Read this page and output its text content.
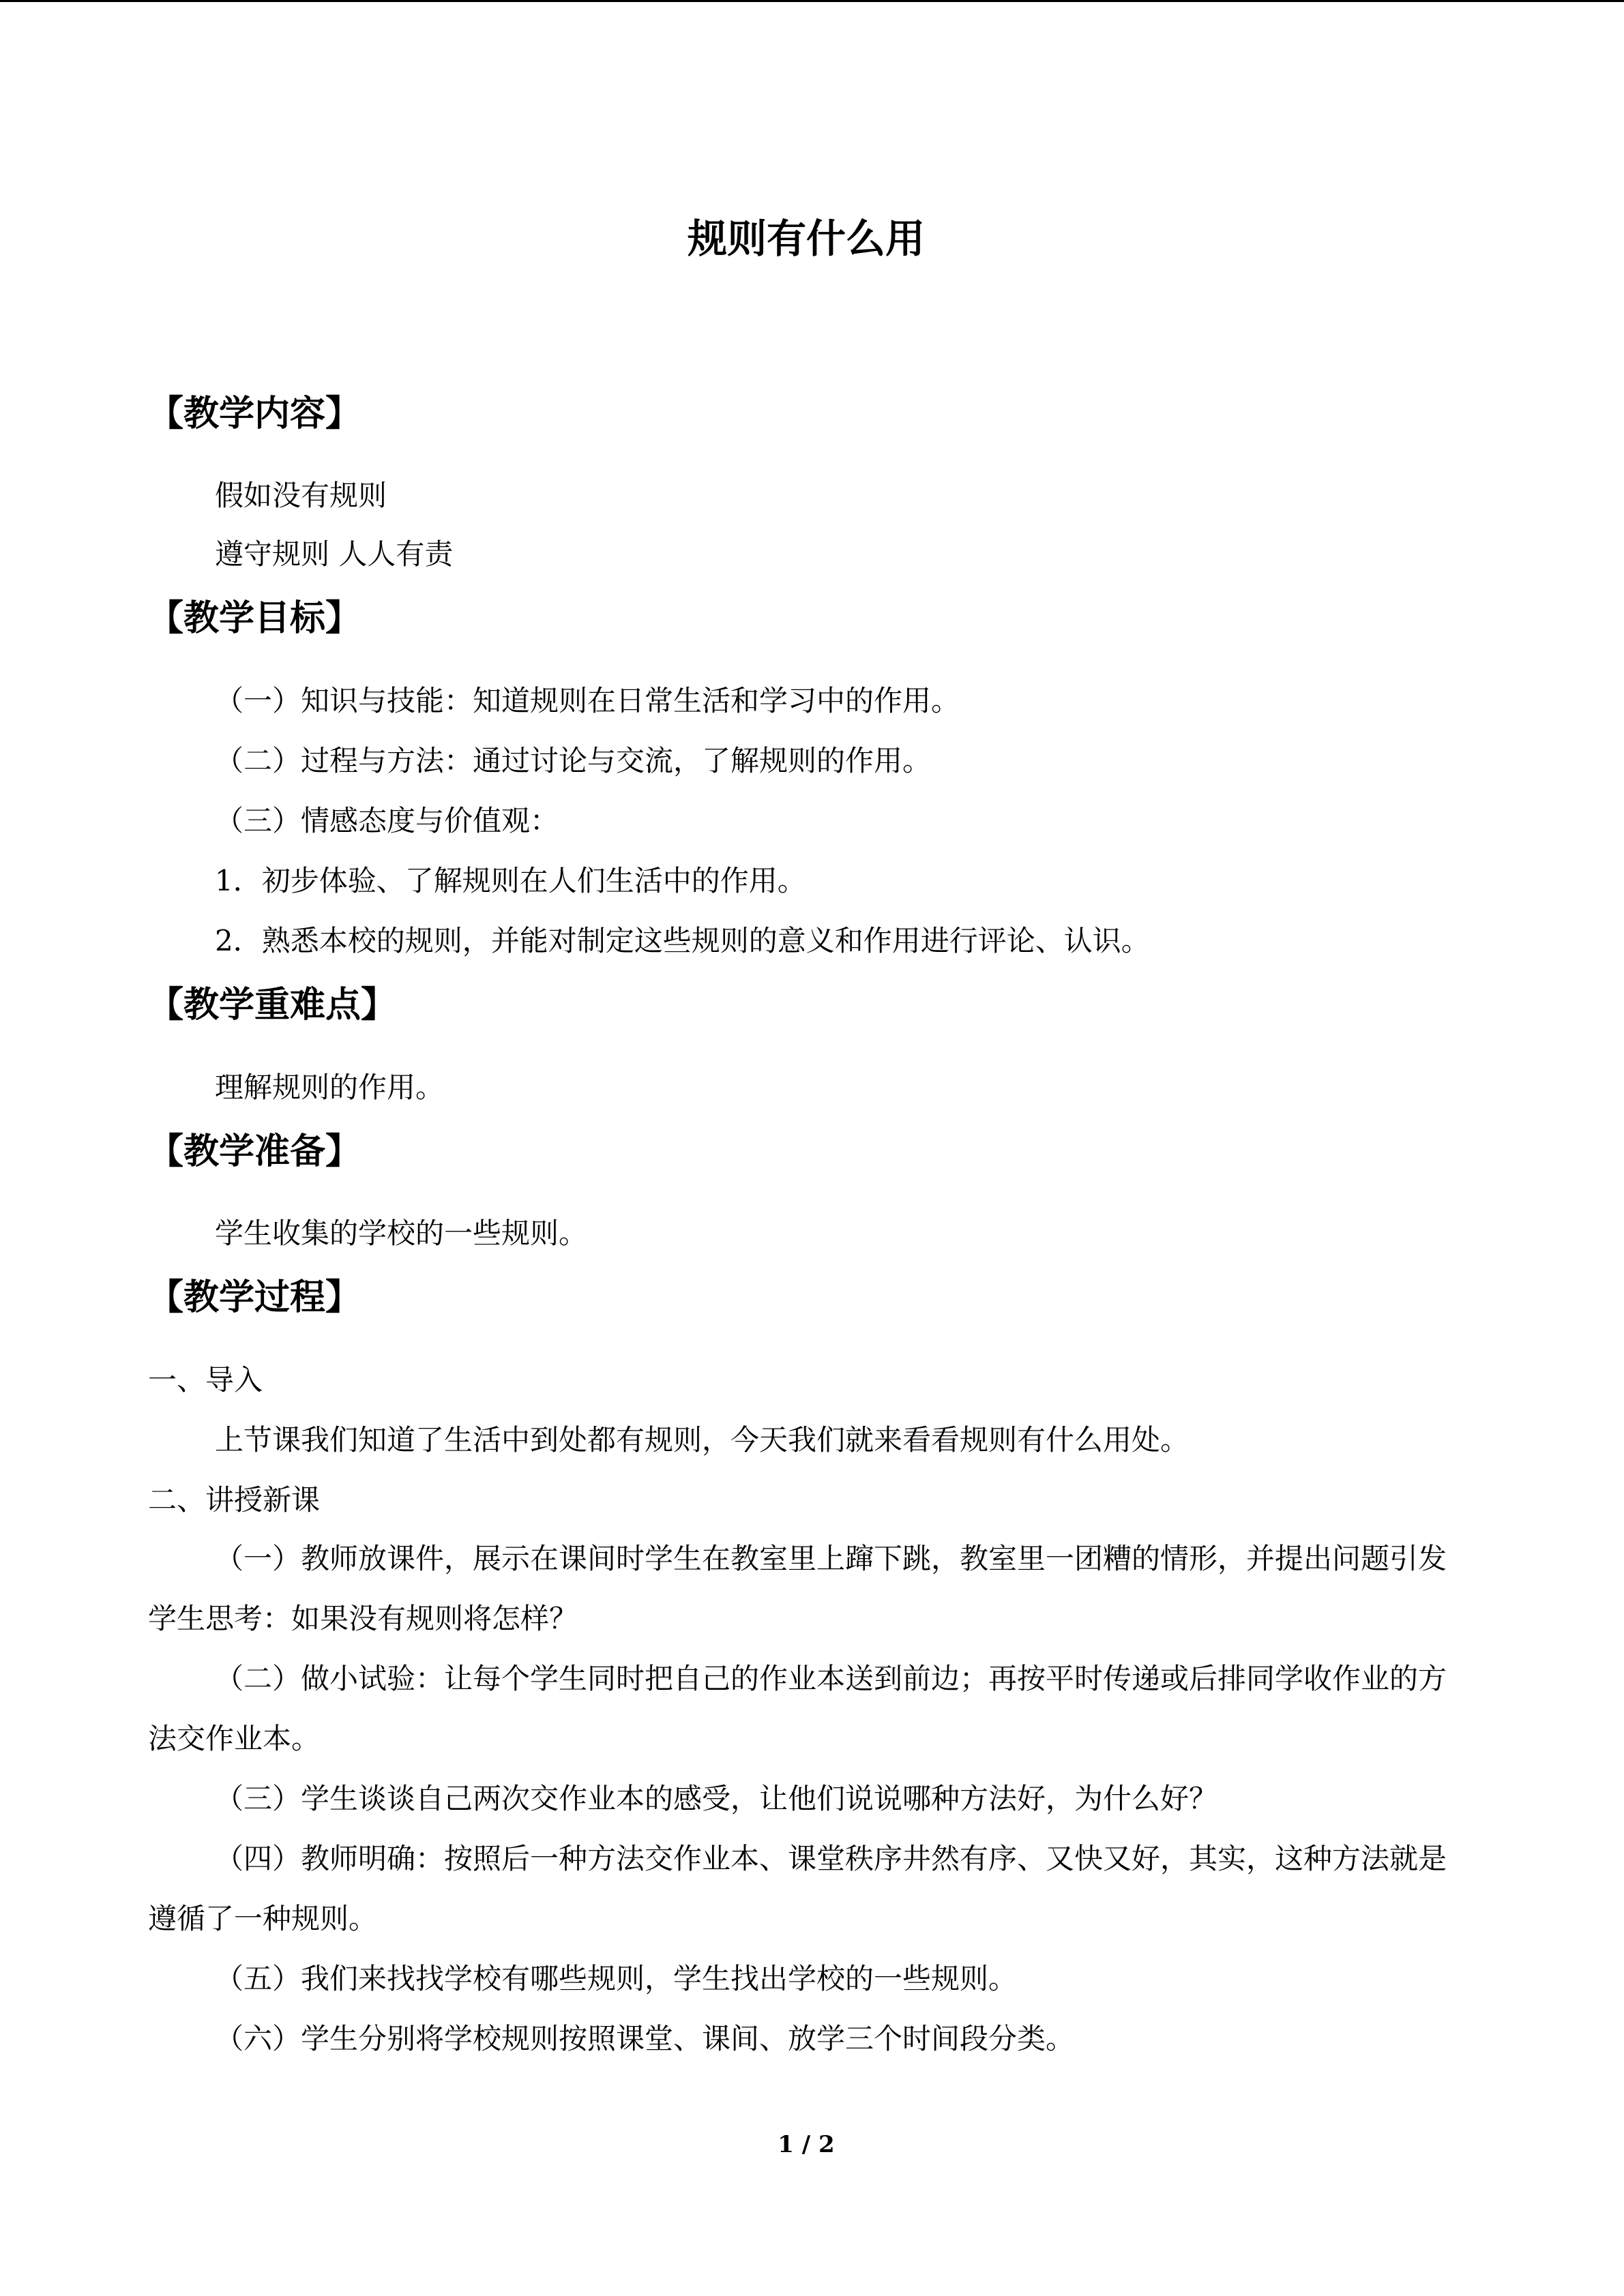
规则有什么用
【教学内容】
假如没有规则
遵守规则 人人有责
【教学目标】
（一）知识与技能：知道规则在日常生活和学习中的作用。
（二）过程与方法：通过讨论与交流，了解规则的作用。
（三）情感态度与价值观：
1．初步体验、了解规则在人们生活中的作用。
2．熟悉本校的规则，并能对制定这些规则的意义和作用进行评论、认识。
【教学重难点】
理解规则的作用。
【教学准备】
学生收集的学校的一些规则。
【教学过程】
一、导入
上节课我们知道了生活中到处都有规则，今天我们就来看看规则有什么用处。
二、讲授新课

（一）教师放课件，展示在课间时学生在教室里上蹿下跳，教室里一团糟的情形，并提出问题引发学生思考：如果没有规则将怎样？

（二）做小试验：让每个学生同时把自己的作业本送到前边；再按平时传递或后排同学收作业的方法交作业本。

（三）学生谈谈自己两次交作业本的感受，让他们说说哪种方法好，为什么好？

（四）教师明确：按照后一种方法交作业本、课堂秩序井然有序、又快又好，其实，这种方法就是遵循了一种规则。

（五）我们来找找学校有哪些规则，学生找出学校的一些规则。

（六）学生分别将学校规则按照课堂、课间、放学三个时间段分类。

1 / 2
